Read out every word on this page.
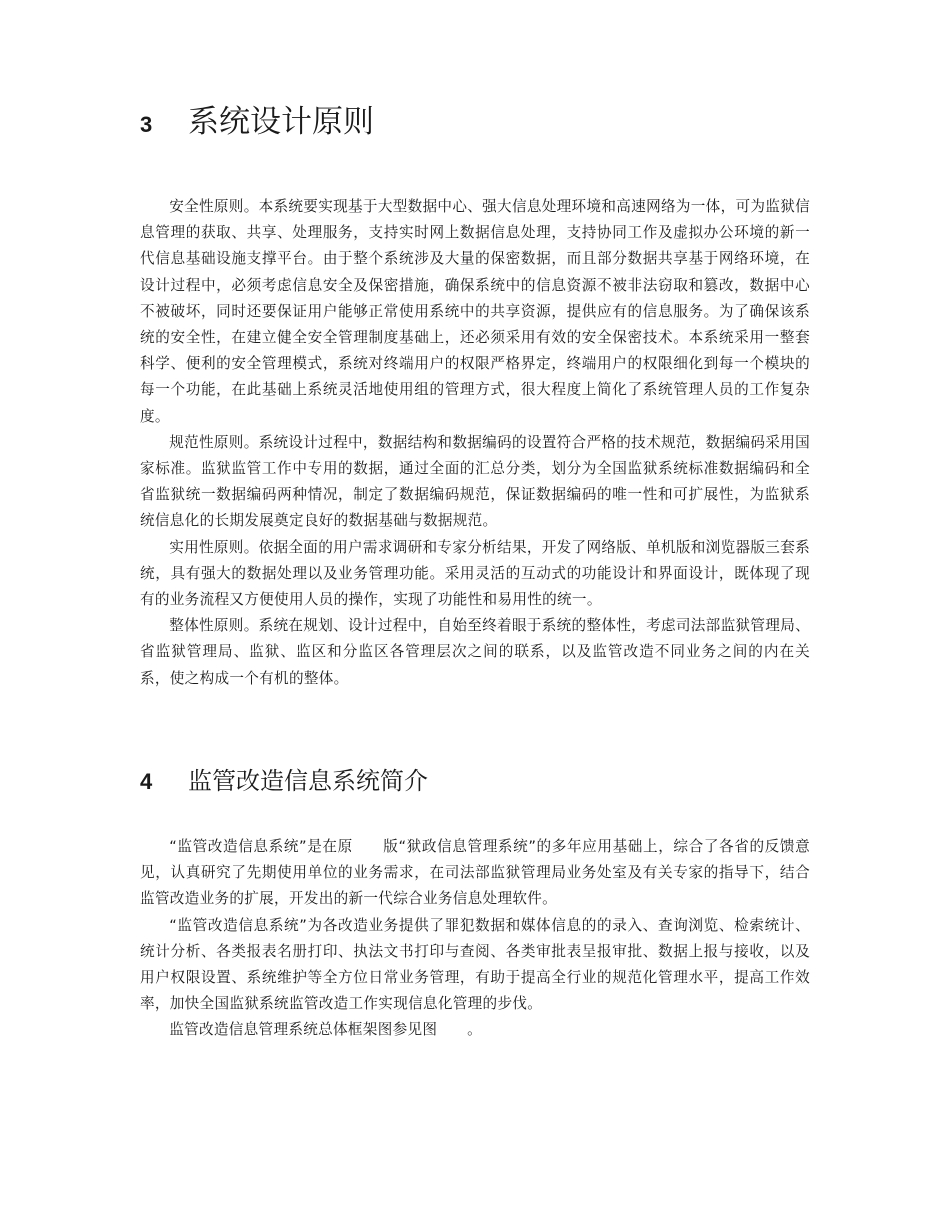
3	系统设计原则

安全性原则。本系统要实现基于大型数据中心、强大信息处理环境和高速网络为一体，可为监狱信息管理的获取、共享、处理服务，支持实时网上数据信息处理，支持协同工作及虚拟办公环境的新一代信息基础设施支撑平台。由于整个系统涉及大量的保密数据，而且部分数据共享基于网络环境，在设计过程中，必须考虑信息安全及保密措施，确保系统中的信息资源不被非法窃取和篡改，数据中心不被破坏，同时还要保证用户能够正常使用系统中的共享资源，提供应有的信息服务。为了确保该系统的安全性，在建立健全安全管理制度基础上，还必须采用有效的安全保密技术。本系统采用一整套科学、便利的安全管理模式，系统对终端用户的权限严格界定，终端用户的权限细化到每一个模块的每一个功能，在此基础上系统灵活地使用组的管理方式，很大程度上简化了系统管理人员的工作复杂度。

规范性原则。系统设计过程中，数据结构和数据编码的设置符合严格的技术规范，数据编码采用国家标准。监狱监管工作中专用的数据，通过全面的汇总分类，划分为全国监狱系统标准数据编码和全省监狱统一数据编码两种情况，制定了数据编码规范，保证数据编码的唯一性和可扩展性，为监狱系统信息化的长期发展奠定良好的数据基础与数据规范。

实用性原则。依据全面的用户需求调研和专家分析结果，开发了网络版、单机版和浏览器版三套系统，具有强大的数据处理以及业务管理功能。采用灵活的互动式的功能设计和界面设计，既体现了现有的业务流程又方便使用人员的操作，实现了功能性和易用性的统一。

整体性原则。系统在规划、设计过程中，自始至终着眼于系统的整体性，考虑司法部监狱管理局、省监狱管理局、监狱、监区和分监区各管理层次之间的联系，以及监管改造不同业务之间的内在关系，使之构成一个有机的整体。

4	监管改造信息系统简介

“监管改造信息系统”是在原　　版“狱政信息管理系统”的多年应用基础上，综合了各省的反馈意见，认真研究了先期使用单位的业务需求，在司法部监狱管理局业务处室及有关专家的指导下，结合监管改造业务的扩展，开发出的新一代综合业务信息处理软件。

“监管改造信息系统”为各改造业务提供了罪犯数据和媒体信息的的录入、查询浏览、检索统计、统计分析、各类报表名册打印、执法文书打印与查阅、各类审批表呈报审批、数据上报与接收，以及用户权限设置、系统维护等全方位日常业务管理，有助于提高全行业的规范化管理水平，提高工作效率，加快全国监狱系统监管改造工作实现信息化管理的步伐。

监管改造信息管理系统总体框架图参见图　　。
